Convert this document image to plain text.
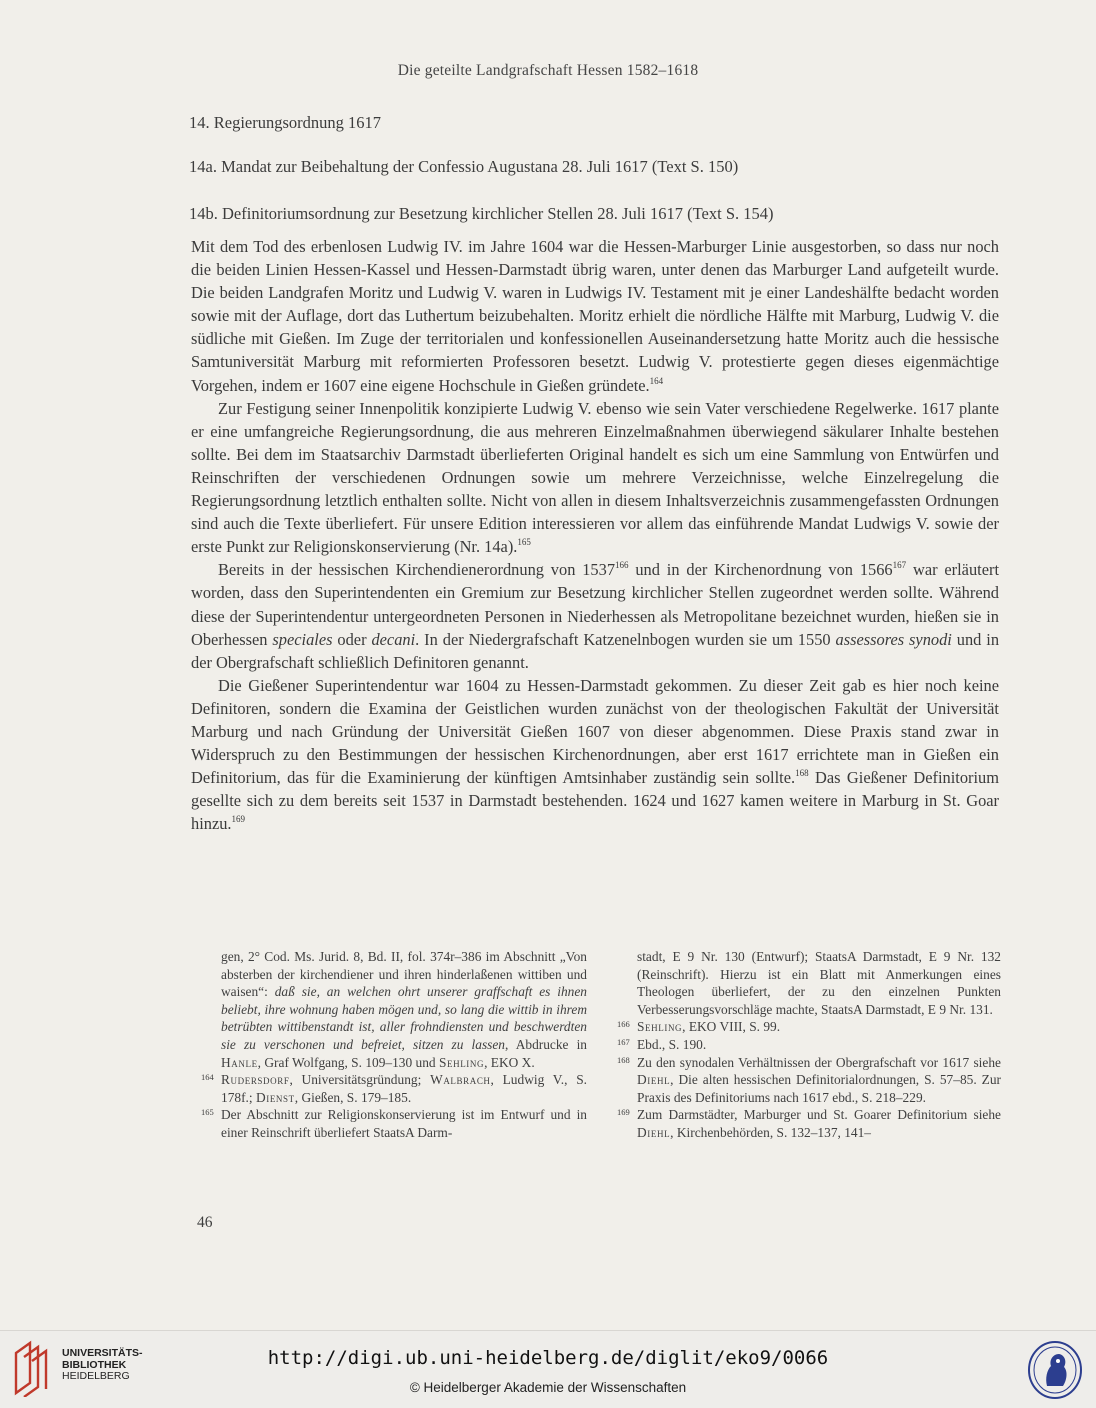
Die geteilte Landgrafschaft Hessen 1582–1618
14. Regierungsordnung 1617
14a. Mandat zur Beibehaltung der Confessio Augustana 28. Juli 1617 (Text S. 150)
14b. Definitoriumsordnung zur Besetzung kirchlicher Stellen 28. Juli 1617 (Text S. 154)

Mit dem Tod des erbenlosen Ludwig IV. im Jahre 1604 war die Hessen-Marburger Linie ausgestorben, so dass nur noch die beiden Linien Hessen-Kassel und Hessen-Darmstadt übrig waren, unter denen das Marburger Land aufgeteilt wurde. Die beiden Landgrafen Moritz und Ludwig V. waren in Ludwigs IV. Testament mit je einer Landeshälfte bedacht worden sowie mit der Auflage, dort das Luthertum beizubehalten. Moritz erhielt die nördliche Hälfte mit Marburg, Ludwig V. die südliche mit Gießen. Im Zuge der territorialen und konfessionellen Auseinandersetzung hatte Moritz auch die hessische Samtuniversität Marburg mit reformierten Professoren besetzt. Ludwig V. protestierte gegen dieses eigenmächtige Vorgehen, indem er 1607 eine eigene Hochschule in Gießen gründete.$^{164}$

Zur Festigung seiner Innenpolitik konzipierte Ludwig V. ebenso wie sein Vater verschiedene Regelwerke. 1617 plante er eine umfangreiche Regierungsordnung, die aus mehreren Einzelmaßnahmen überwiegend säkularer Inhalte bestehen sollte. Bei dem im Staatsarchiv Darmstadt überlieferten Original handelt es sich um eine Sammlung von Entwürfen und Reinschriften der verschiedenen Ordnungen sowie um mehrere Verzeichnisse, welche Einzelregelung die Regierungsordnung letztlich enthalten sollte. Nicht von allen in diesem Inhaltsverzeichnis zusammengefassten Ordnungen sind auch die Texte überliefert. Für unsere Edition interessieren vor allem das einführende Mandat Ludwigs V. sowie der erste Punkt zur Religionskonservierung (Nr. 14a).$^{165}$

Bereits in der hessischen Kirchendienerordnung von 1537$^{166}$ und in der Kirchenordnung von 1566$^{167}$ war erläutert worden, dass den Superintendenten ein Gremium zur Besetzung kirchlicher Stellen zugeordnet werden sollte. Während diese der Superintendentur untergeordneten Personen in Niederhessen als Metropolitane bezeichnet wurden, hießen sie in Oberhessen speciales oder decani. In der Niedergrafschaft Katzenelnbogen wurden sie um 1550 assessores synodi und in der Obergrafschaft schließlich Definitoren genannt.

Die Gießener Superintendentur war 1604 zu Hessen-Darmstadt gekommen. Zu dieser Zeit gab es hier noch keine Definitoren, sondern die Examina der Geistlichen wurden zunächst von der theologischen Fakultät der Universität Marburg und nach Gründung der Universität Gießen 1607 von dieser abgenommen. Diese Praxis stand zwar in Widerspruch zu den Bestimmungen der hessischen Kirchenordnungen, aber erst 1617 errichtete man in Gießen ein Definitorium, das für die Examinierung der künftigen Amtsinhaber zuständig sein sollte.$^{168}$ Das Gießener Definitorium gesellte sich zu dem bereits seit 1537 in Darmstadt bestehenden. 1624 und 1627 kamen weitere in Marburg in St. Goar hinzu.$^{169}$

gen, 2° Cod. Ms. Jurid. 8, Bd. II, fol. 374r–386 im Abschnitt „Von absterben der kirchendiener und ihren hinderlaßenen wittiben und waisen“: daß sie, an welchen ohrt unserer graffschaft es ihnen beliebt, ihre wohnung haben mögen und, so lang die wittib in ihrem betrübten wittibenstandt ist, aller frohndiensten und beschwerdten sie zu verschonen und befreiet, sitzen zu lassen, Abdrucke in Hanle, Graf Wolfgang, S. 109–130 und Sehling, EKO X.

164 Rudersdorf, Universitätsgründung; Walbrach, Ludwig V., S. 178f.; Dienst, Gießen, S. 179–185.

165 Der Abschnitt zur Religionskonservierung ist im Entwurf und in einer Reinschrift überliefert StaatsA Darm-

stadt, E 9 Nr. 130 (Entwurf); StaatsA Darmstadt, E 9 Nr. 132 (Reinschrift). Hierzu ist ein Blatt mit Anmerkungen eines Theologen überliefert, der zu den einzelnen Punkten Verbesserungsvorschläge machte, StaatsA Darmstadt, E 9 Nr. 131.

166 Sehling, EKO VIII, S. 99.

167 Ebd., S. 190.

168 Zu den synodalen Verhältnissen der Obergrafschaft vor 1617 siehe Diehl, Die alten hessischen Definitorialordnungen, S. 57–85. Zur Praxis des Definitoriums nach 1617 ebd., S. 218–229.

169 Zum Darmstädter, Marburger und St. Goarer Definitorium siehe Diehl, Kirchenbehörden, S. 132–137, 141–

46
UNIVERSITÄTS-
BIBLIOTHEK
HEIDELBERG
http://digi.ub.uni-heidelberg.de/diglit/eko9/0066
© Heidelberger Akademie der Wissenschaften
